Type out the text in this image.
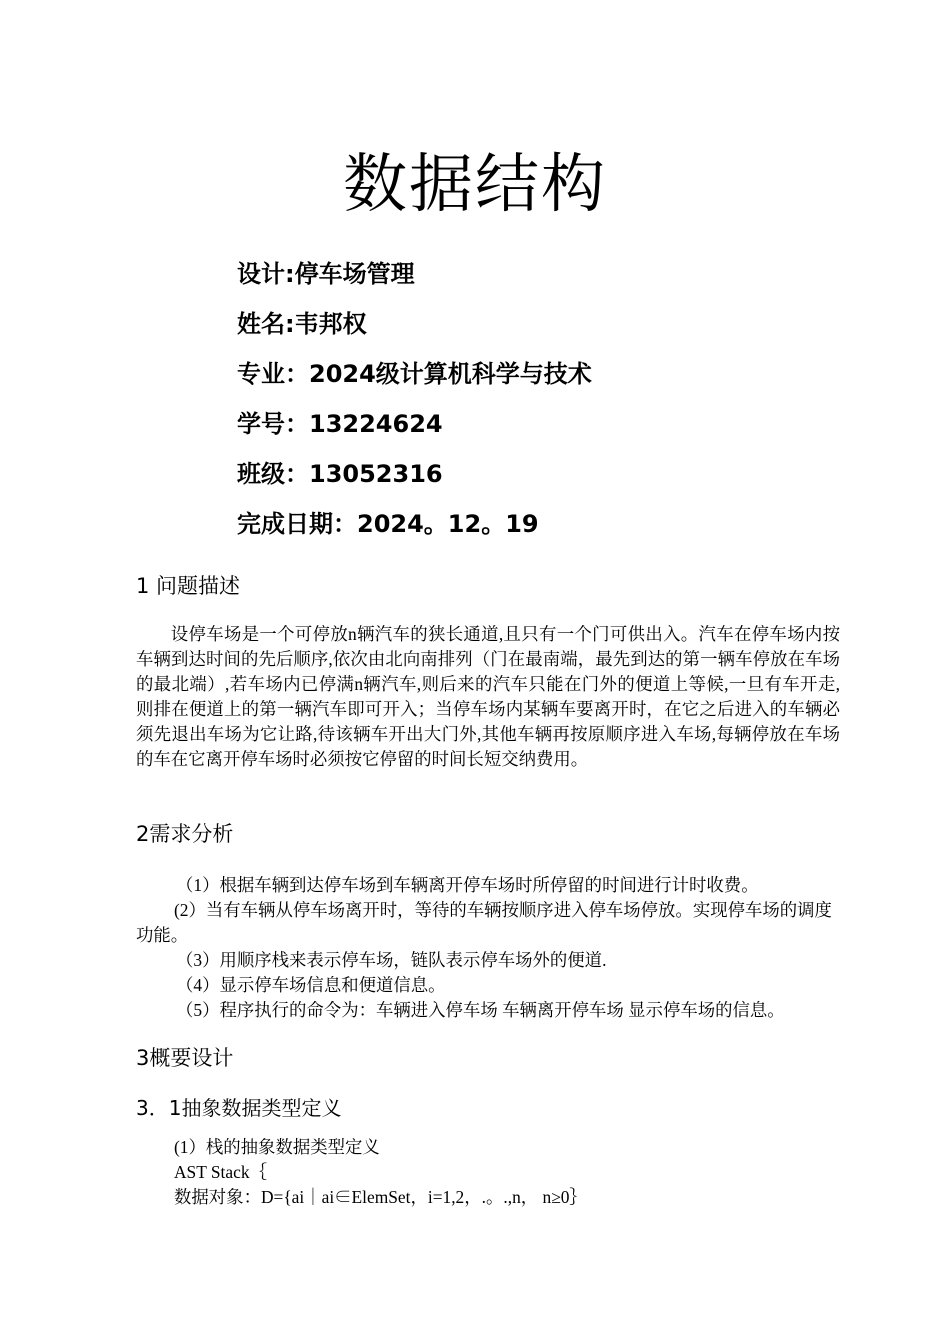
数据结构
设计:停车场管理
姓名:韦邦权
专业：2024级计算机科学与技术
学号：13224624
班级：13052316
完成日期：2024。12。19
1 问题描述
设停车场是一个可停放n辆汽车的狭长通道,且只有一个门可供出入。汽车在停车场内按车辆到达时间的先后顺序,依次由北向南排列（门在最南端，最先到达的第一辆车停放在车场的最北端）,若车场内已停满n辆汽车,则后来的汽车只能在门外的便道上等候,一旦有车开走,则排在便道上的第一辆汽车即可开入；当停车场内某辆车要离开时，在它之后进入的车辆必须先退出车场为它让路,待该辆车开出大门外,其他车辆再按原顺序进入车场,每辆停放在车场的车在它离开停车场时必须按它停留的时间长短交纳费用。
2需求分析
（1）根据车辆到达停车场到车辆离开停车场时所停留的时间进行计时收费。
(2）当有车辆从停车场离开时，等待的车辆按顺序进入停车场停放。实现停车场的调度功能。
（3）用顺序栈来表示停车场，链队表示停车场外的便道.
（4）显示停车场信息和便道信息。
（5）程序执行的命令为：车辆进入停车场 车辆离开停车场 显示停车场的信息。
3概要设计
3．1抽象数据类型定义
(1）栈的抽象数据类型定义
AST Stack｛
数据对象：D={ai｜ai∈ElemSet，i=1,2，.。.,n， n≥0｝
